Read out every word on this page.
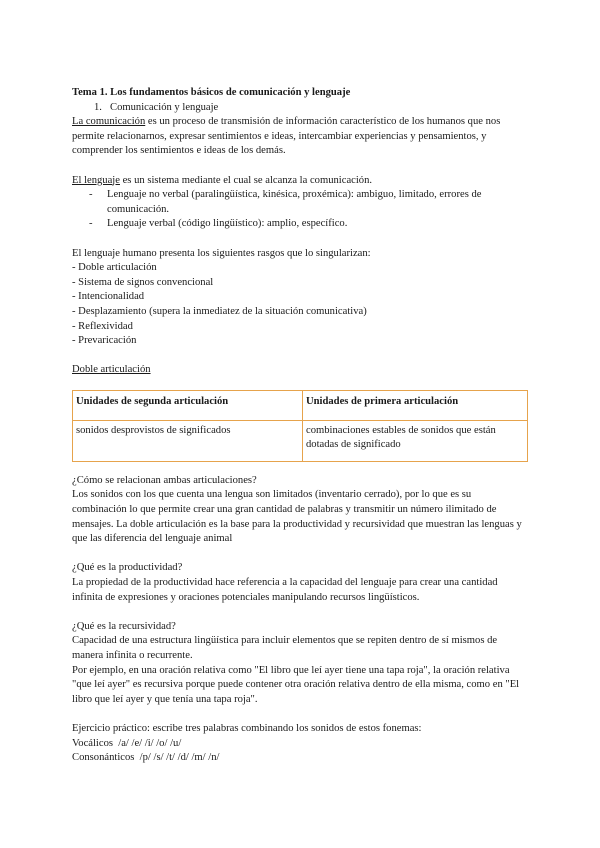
Tema 1. Los fundamentos básicos de comunicación y lenguaje

1. Comunicación y lenguaje

La comunicación es un proceso de transmisión de información característico de los humanos que nos permite relacionarnos, expresar sentimientos e ideas, intercambiar experiencias y pensamientos, y comprender los sentimientos e ideas de los demás.

El lenguaje es un sistema mediante el cual se alcanza la comunicación.

- Lenguaje no verbal (paralingüística, kinésica, proxémica): ambiguo, limitado, errores de comunicación.
- Lenguaje verbal (código lingüístico): amplio, específico.

El lenguaje humano presenta los siguientes rasgos que lo singularizan:

- Doble articulación

- Sistema de signos convencional

- Intencionalidad

- Desplazamiento (supera la inmediatez de la situación comunicativa)

- Reflexividad

- Prevaricación

Doble articulación

Unidades de segunda articulación	Unidades de primera articulación
sonidos desprovistos de significados	combinaciones estables de sonidos que están dotadas de significado

¿Cómo se relacionan ambas articulaciones?

Los sonidos con los que cuenta una lengua son limitados (inventario cerrado), por lo que es su combinación lo que permite crear una gran cantidad de palabras y transmitir un número ilimitado de mensajes. La doble articulación es la base para la productividad y recursividad que muestran las lenguas y que las diferencia del lenguaje animal

¿Qué es la productividad?

La propiedad de la productividad hace referencia a la capacidad del lenguaje para crear una cantidad infinita de expresiones y oraciones potenciales manipulando recursos lingüísticos.

¿Qué es la recursividad?

Capacidad de una estructura lingüística para incluir elementos que se repiten dentro de sí mismos de manera infinita o recurrente.

Por ejemplo, en una oración relativa como "El libro que leí ayer tiene una tapa roja", la oración relativa "que leí ayer" es recursiva porque puede contener otra oración relativa dentro de ella misma, como en "El libro que leí ayer y que tenía una tapa roja".

Ejercicio práctico: escribe tres palabras combinando los sonidos de estos fonemas:

Vocálicos  /a/ /e/ /i/ /o/ /u/

Consonánticos  /p/ /s/ /t/ /d/ /m/ /n/
